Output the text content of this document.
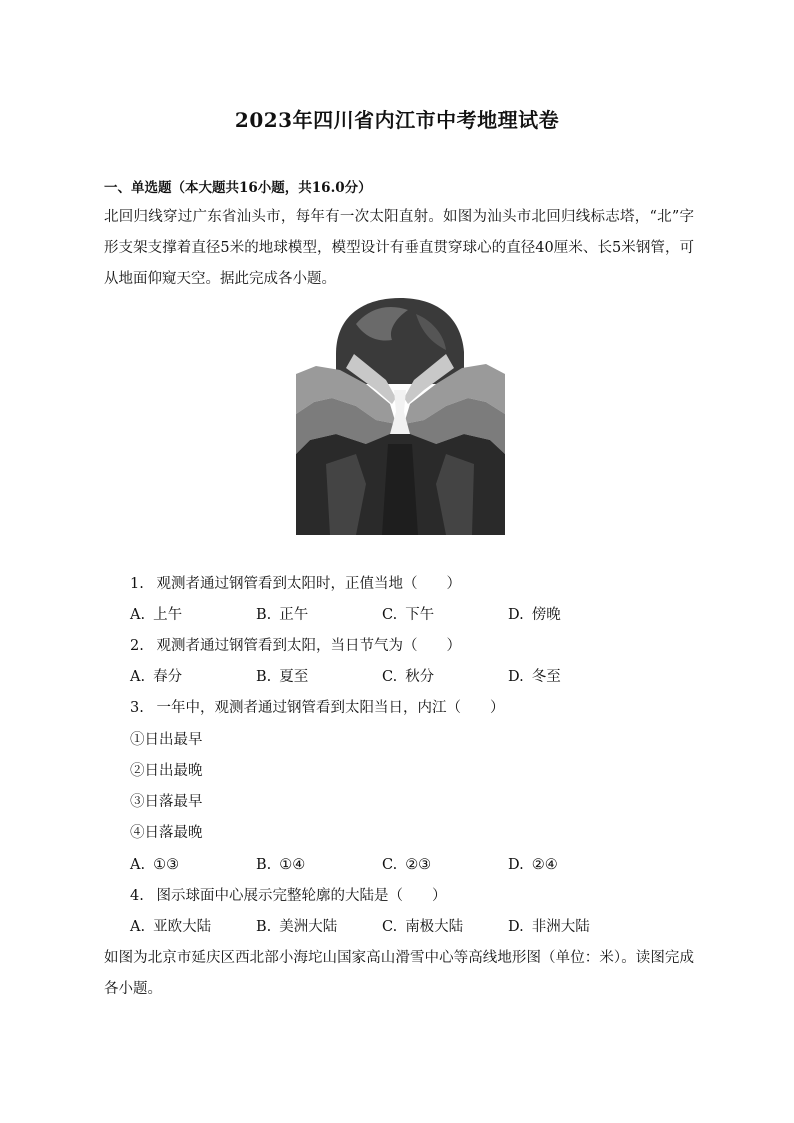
2023年四川省内江市中考地理试卷
一、单选题（本大题共16小题，共16.0分）
北回归线穿过广东省汕头市，每年有一次太阳直射。如图为汕头市北回归线标志塔，“北”字形支架支撑着直径5米的地球模型，模型设计有垂直贯穿球心的直径40厘米、长5米钢管，可从地面仰窥天空。据此完成各小题。
1. 观测者通过钢管看到太阳时，正值当地（　　）
A. 上午	B. 正午	C. 下午	D. 傍晚
2. 观测者通过钢管看到太阳，当日节气为（　　）
A. 春分	B. 夏至	C. 秋分	D. 冬至
3. 一年中，观测者通过钢管看到太阳当日，内江（　　）
①日出最早
②日出最晚
③日落最早
④日落最晚
A. ①③	B. ①④	C. ②③	D. ②④
4. 图示球面中心展示完整轮廓的大陆是（　　）
A. 亚欧大陆	B. 美洲大陆	C. 南极大陆	D. 非洲大陆
如图为北京市延庆区西北部小海坨山国家高山滑雪中心等高线地形图（单位：米）。读图完成各小题。
